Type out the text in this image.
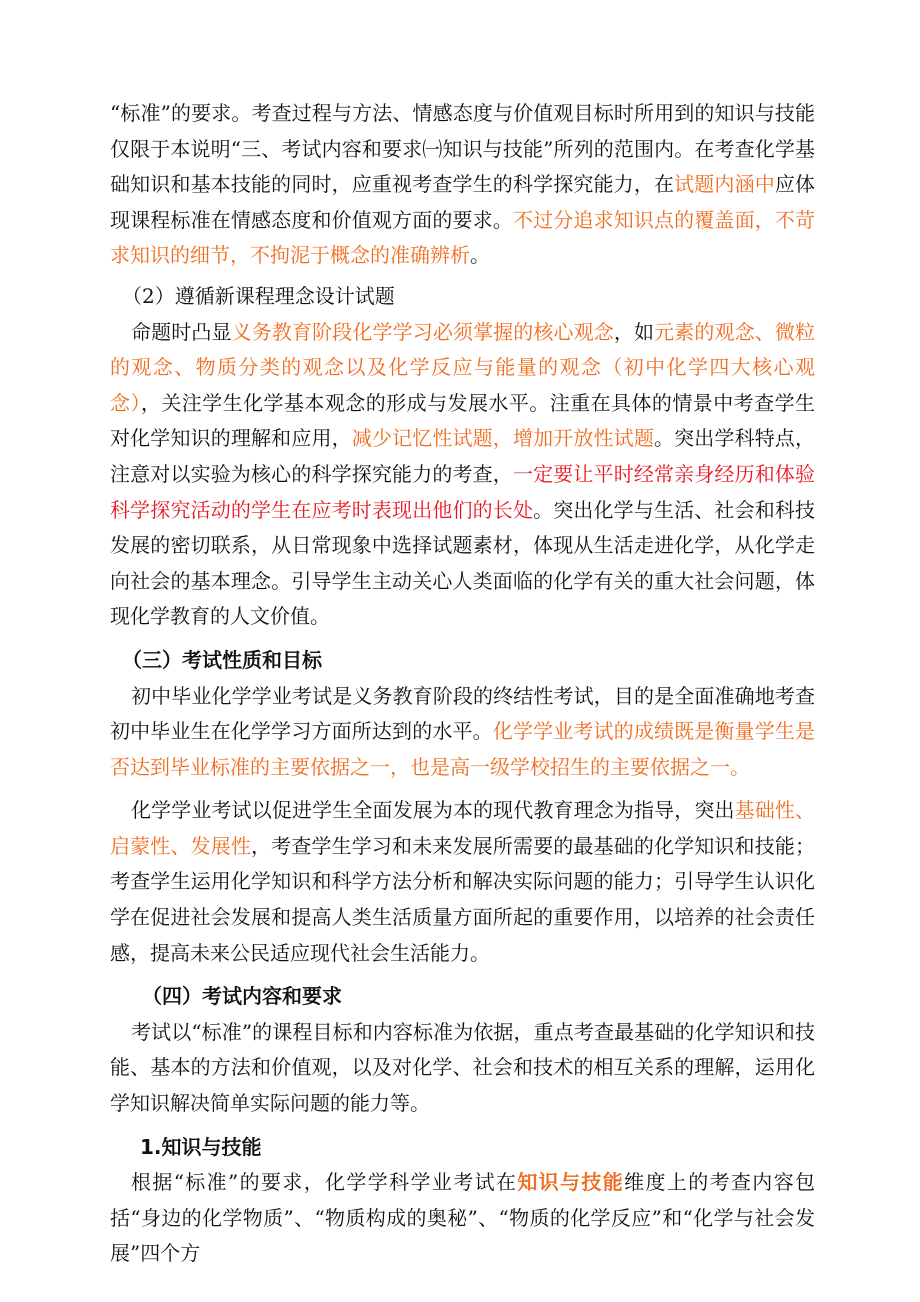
“标准”的要求。考查过程与方法、情感态度与价值观目标时所用到的知识与技能仅限于本说明“三、考试内容和要求㈠知识与技能”所列的范围内。在考查化学基础知识和基本技能的同时，应重视考查学生的科学探究能力，在试题内涵中应体现课程标准在情感态度和价值观方面的要求。不过分追求知识点的覆盖面，不苛求知识的细节，不拘泥于概念的准确辨析。

（2）遵循新课程理念设计试题

命题时凸显义务教育阶段化学学习必须掌握的核心观念，如元素的观念、微粒的观念、物质分类的观念以及化学反应与能量的观念（初中化学四大核心观念），关注学生化学基本观念的形成与发展水平。注重在具体的情景中考查学生对化学知识的理解和应用，减少记忆性试题，增加开放性试题。突出学科特点，注意对以实验为核心的科学探究能力的考查，一定要让平时经常亲身经历和体验科学探究活动的学生在应考时表现出他们的长处。突出化学与生活、社会和科技发展的密切联系，从日常现象中选择试题素材，体现从生活走进化学，从化学走向社会的基本理念。引导学生主动关心人类面临的化学有关的重大社会问题，体现化学教育的人文价值。

（三）考试性质和目标

初中毕业化学学业考试是义务教育阶段的终结性考试，目的是全面准确地考查初中毕业生在化学学习方面所达到的水平。化学学业考试的成绩既是衡量学生是否达到毕业标准的主要依据之一，也是高一级学校招生的主要依据之一。

化学学业考试以促进学生全面发展为本的现代教育理念为指导，突出基础性、启蒙性、发展性，考查学生学习和未来发展所需要的最基础的化学知识和技能；考查学生运用化学知识和科学方法分析和解决实际问题的能力；引导学生认识化学在促进社会发展和提高人类生活质量方面所起的重要作用，以培养的社会责任感，提高未来公民适应现代社会生活能力。

（四）考试内容和要求

考试以“标准”的课程目标和内容标准为依据，重点考查最基础的化学知识和技能、基本的方法和价值观，以及对化学、社会和技术的相互关系的理解，运用化学知识解决简单实际问题的能力等。

1.知识与技能

根据“标准”的要求，化学学科学业考试在知识与技能维度上的考查内容包括“身边的化学物质”、“物质构成的奥秘”、“物质的化学反应”和“化学与社会发展”四个方
